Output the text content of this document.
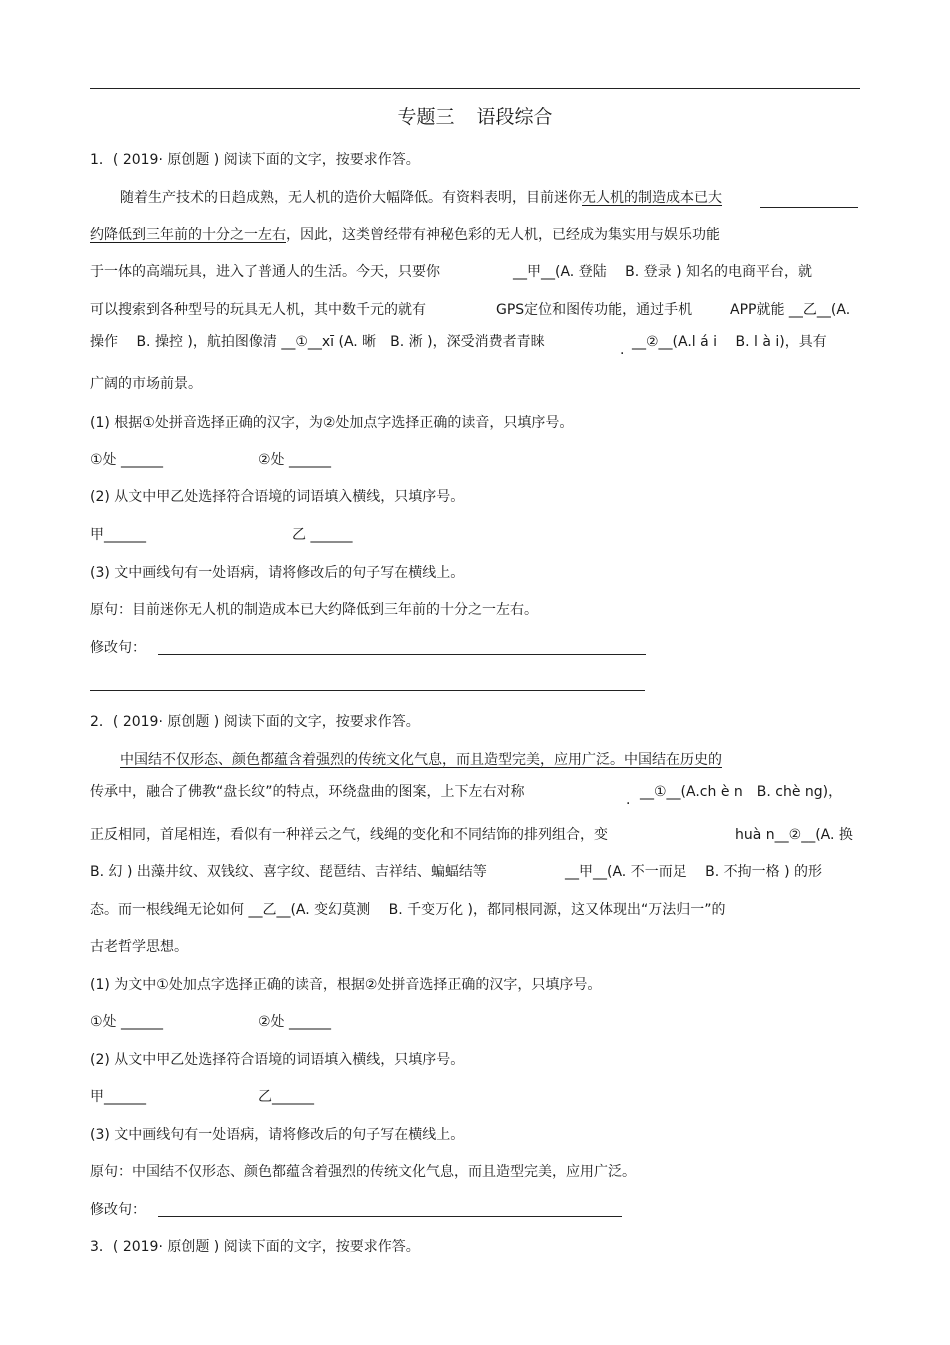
专题三 语段综合
1．( 2019· 原创题 ) 阅读下面的文字，按要求作答。
随着生产技术的日趋成熟，无人机的造价大幅降低。有资料表明，目前迷你无人机的制造成本已大
约降低到三年前的十分之一左右，因此，这类曾经带有神秘色彩的无人机，已经成为集实用与娱乐功能
于一体的高端玩具，进入了普通人的生活。今天，只要你	__甲__(A. 登陆　 B. 登录 ) 知名的电商平台，就
可以搜索到各种型号的玩具无人机，其中数千元的就有	GPS定位和图传功能，通过手机	APP就能 __乙__(A.
操作　 B. 操控 )，航拍图像清 __①__xī (A. 晰　B. 淅 )，深受消费者青睐	. __②__(A.l á i　 B. l à i)，具有
广阔的市场前景。
(1) 根据①处拼音选择正确的汉字，为②处加点字选择正确的读音，只填序号。
①处 ______	②处 ______
(2) 从文中甲乙处选择符合语境的词语填入横线，只填序号。
甲______	乙 ______
(3) 文中画线句有一处语病，请将修改后的句子写在横线上。
原句：目前迷你无人机的制造成本已大约降低到三年前的十分之一左右。
修改句：
2．( 2019· 原创题 ) 阅读下面的文字，按要求作答。
中国结不仅形态、颜色都蕴含着强烈的传统文化气息，而且造型完美，应用广泛。中国结在历史的
传承中，融合了佛教“盘长纹”的特点，环绕盘曲的图案，上下左右对称	. __①__(A.ch è n　B. chè ng)，
正反相同，首尾相连，看似有一种祥云之气，线绳的变化和不同结饰的排列组合，变	huà n__②__(A. 换
B. 幻 ) 出藻井纹、双钱纹、喜字纹、琵琶结、吉祥结、蝙蝠结等	__甲__(A. 不一而足　 B. 不拘一格 ) 的形
态。而一根线绳无论如何 __乙__(A. 变幻莫测　 B. 千变万化 )，都同根同源，这又体现出“万法归一”的
古老哲学思想。
(1) 为文中①处加点字选择正确的读音，根据②处拼音选择正确的汉字，只填序号。
①处 ______	②处 ______
(2) 从文中甲乙处选择符合语境的词语填入横线，只填序号。
甲______	乙______
(3) 文中画线句有一处语病，请将修改后的句子写在横线上。
原句：中国结不仅形态、颜色都蕴含着强烈的传统文化气息，而且造型完美，应用广泛。
修改句：
3．( 2019· 原创题 ) 阅读下面的文字，按要求作答。
